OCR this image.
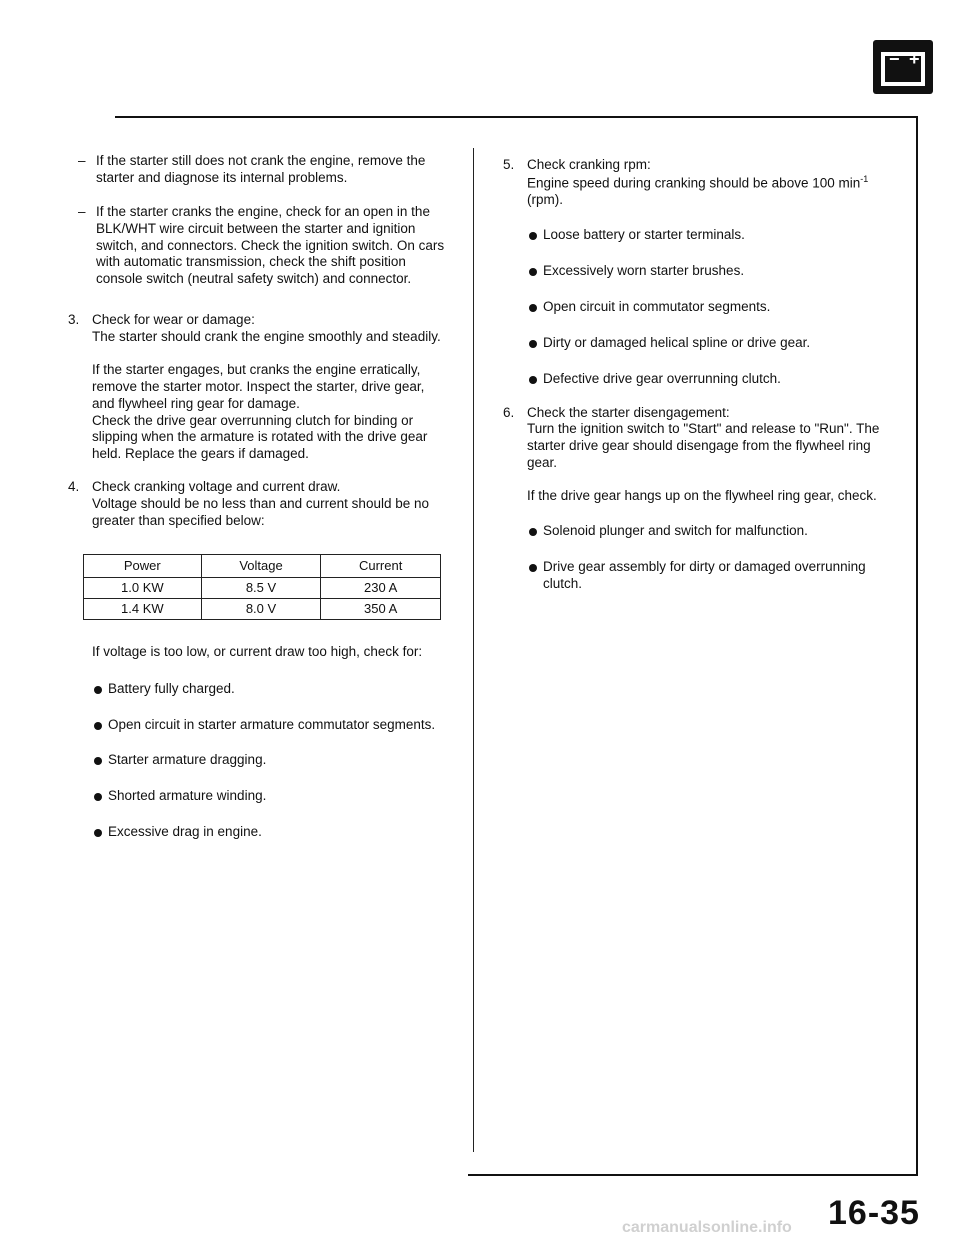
− +
– If the starter still does not crank the engine, remove the starter and diagnose its internal problems.

– If the starter cranks the engine, check for an open in the BLK/WHT wire circuit between the starter and ignition switch, and connectors. Check the ignition switch. On cars with automatic transmission, check the shift position console switch (neutral safety switch) and connector.

3. Check for wear or damage:

The starter should crank the engine smoothly and steadily.

If the starter engages, but cranks the engine erratically, remove the starter motor. Inspect the starter, drive gear, and flywheel ring gear for damage.

Check the drive gear overrunning clutch for binding or slipping when the armature is rotated with the drive gear held. Replace the gears if damaged.

4. Check cranking voltage and current draw.

Voltage should be no less than and current should be no greater than specified below:

Power	Voltage	Current
1.0 KW	8.5 V	230 A
1.4 KW	8.0 V	350 A

If voltage is too low, or current draw too high, check for:

Battery fully charged.

Open circuit in starter armature commutator segments.

Starter armature dragging.

Shorted armature winding.

Excessive drag in engine.

5. Check cranking rpm:

Engine speed during cranking should be above 100 $\min^{-1} (rpm)$.

Loose battery or starter terminals.

Excessively worn starter brushes.

Open circuit in commutator segments.

Dirty or damaged helical spline or drive gear.

Defective drive gear overrunning clutch.

6. Check the starter disengagement:

Turn the ignition switch to "Start" and release to "Run". The starter drive gear should disengage from the flywheel ring gear.

If the drive gear hangs up on the flywheel ring gear, check.

Solenoid plunger and switch for malfunction.

Drive gear assembly for dirty or damaged overrunning clutch.

16-35
carmanualsonline.info
